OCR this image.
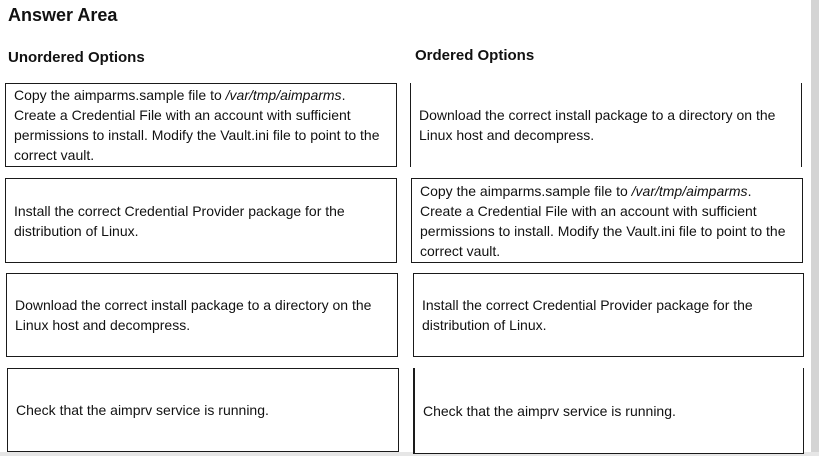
Answer Area
Unordered Options	Ordered Options
Copy the aimparms.sample file to /var/tmp/aimparms. Create a Credential File with an account with sufficient permissions to install. Modify the Vault.ini file to point to the correct vault.
Install the correct Credential Provider package for the distribution of Linux.
Download the correct install package to a directory on the Linux host and decompress.
Check that the aimprv service is running.
Download the correct install package to a directory on the Linux host and decompress.
Copy the aimparms.sample file to /var/tmp/aimparms. Create a Credential File with an account with sufficient permissions to install. Modify the Vault.ini file to point to the correct vault.
Install the correct Credential Provider package for the distribution of Linux.
Check that the aimprv service is running.
